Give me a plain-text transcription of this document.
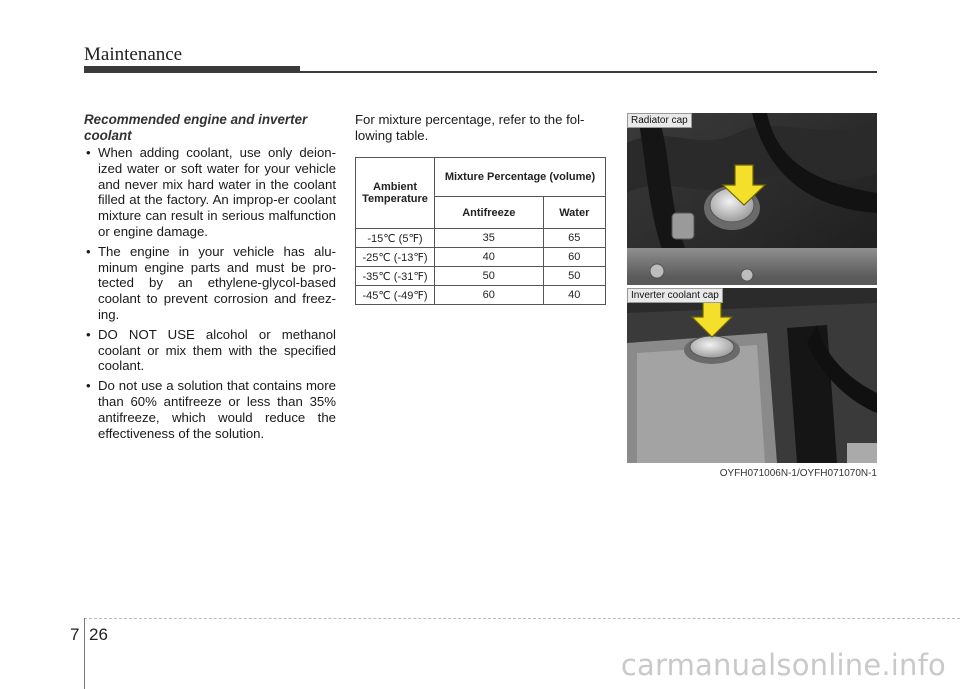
Maintenance
Recommended engine and inverter coolant
• When adding coolant, use only deion-ized water or soft water for your vehicle and never mix hard water in the coolant filled at the factory. An improp-er coolant mixture can result in serious malfunction or engine damage.
• The engine in your vehicle has alu-minum engine parts and must be pro-tected by an ethylene-glycol-based coolant to prevent corrosion and freez-ing.
• DO NOT USE alcohol or methanol coolant or mix them with the specified coolant.
• Do not use a solution that contains more than 60% antifreeze or less than 35% antifreeze, which would reduce the effectiveness of the solution.

For mixture percentage, refer to the fol-lowing table.

Ambient Temperature	Mixture Percentage (volume)	
	Antifreeze	Water
-15℃ (5℉)	35	65
-25℃ (-13℉)	40	60
-35℃ (-31℉)	50	50
-45℃ (-49℉)	60	40
Radiator cap
Inverter coolant cap
OYFH071006N-1/OYFH071070N-1
7 26
carmanualsonline.info
